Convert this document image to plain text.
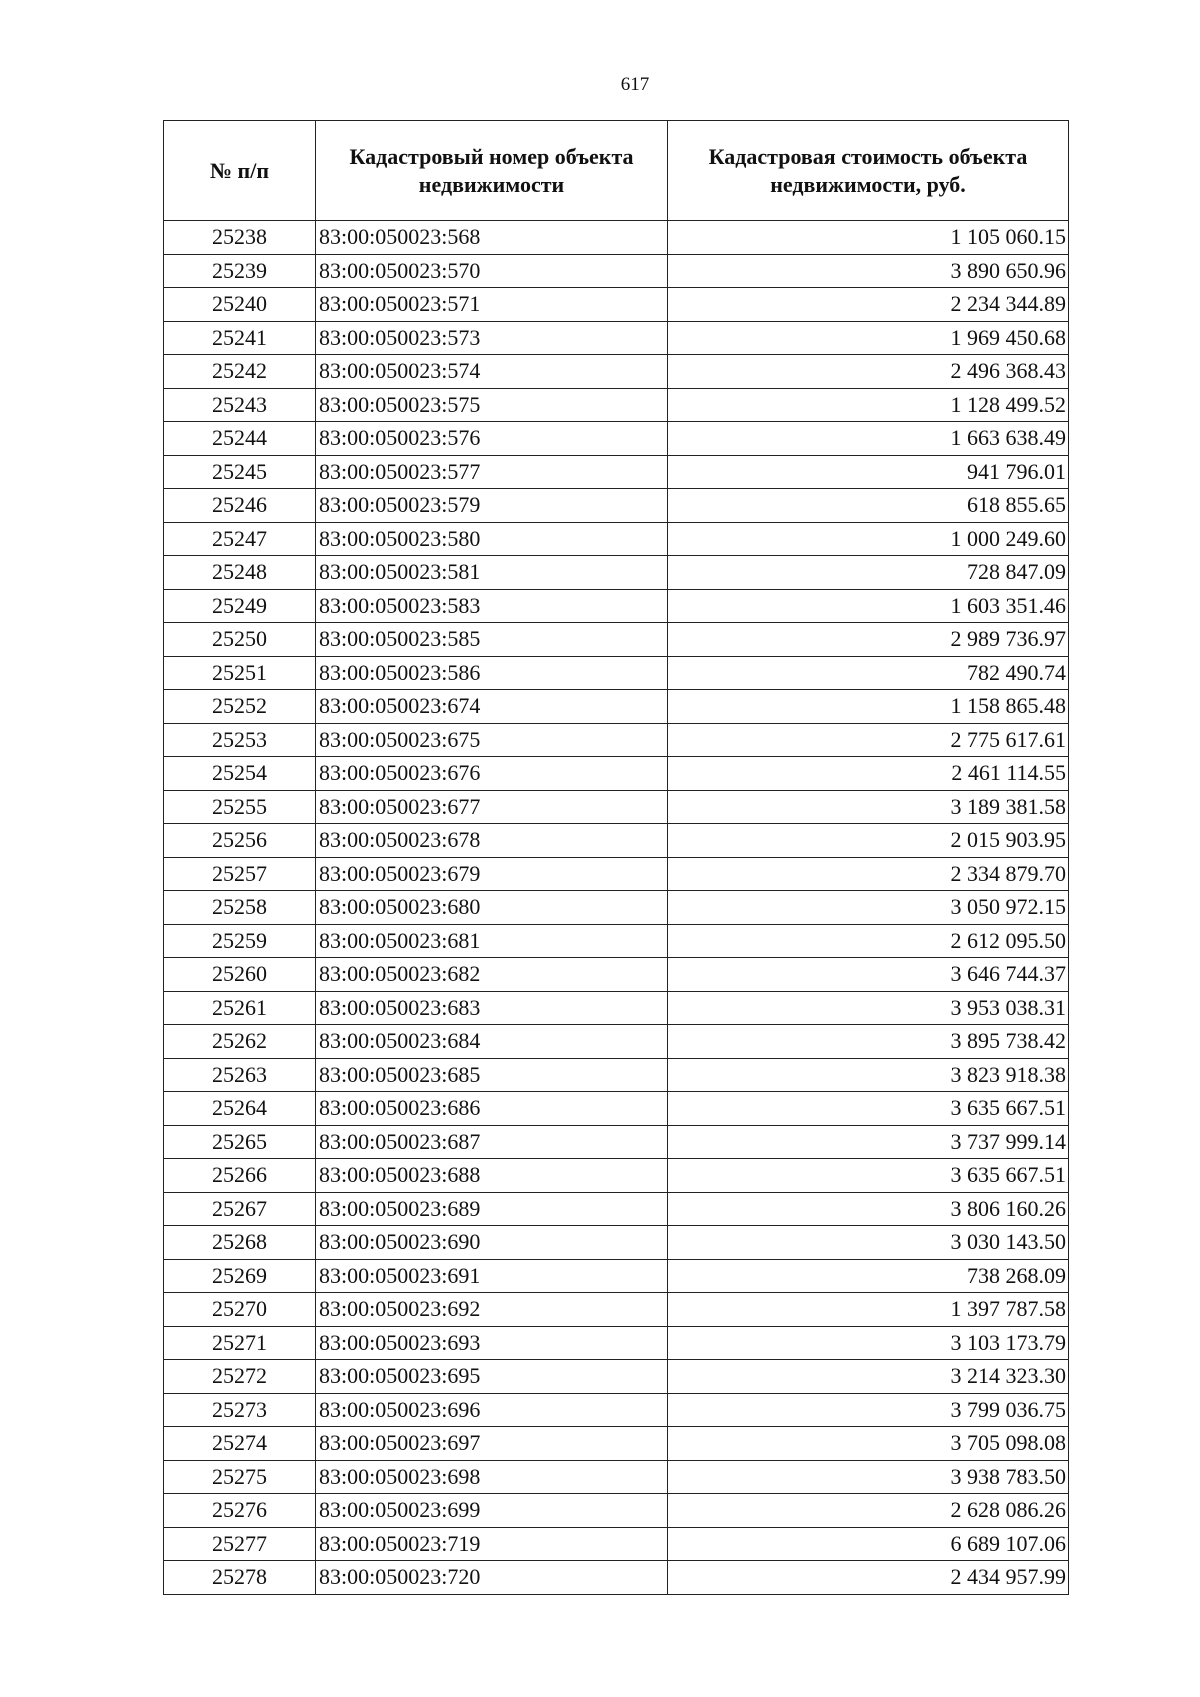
617
№ п/п	Кадастровый номер объекта недвижимости	Кадастровая стоимость объекта недвижимости, руб.
25238	83:00:050023:568	1 105 060.15
25239	83:00:050023:570	3 890 650.96
25240	83:00:050023:571	2 234 344.89
25241	83:00:050023:573	1 969 450.68
25242	83:00:050023:574	2 496 368.43
25243	83:00:050023:575	1 128 499.52
25244	83:00:050023:576	1 663 638.49
25245	83:00:050023:577	941 796.01
25246	83:00:050023:579	618 855.65
25247	83:00:050023:580	1 000 249.60
25248	83:00:050023:581	728 847.09
25249	83:00:050023:583	1 603 351.46
25250	83:00:050023:585	2 989 736.97
25251	83:00:050023:586	782 490.74
25252	83:00:050023:674	1 158 865.48
25253	83:00:050023:675	2 775 617.61
25254	83:00:050023:676	2 461 114.55
25255	83:00:050023:677	3 189 381.58
25256	83:00:050023:678	2 015 903.95
25257	83:00:050023:679	2 334 879.70
25258	83:00:050023:680	3 050 972.15
25259	83:00:050023:681	2 612 095.50
25260	83:00:050023:682	3 646 744.37
25261	83:00:050023:683	3 953 038.31
25262	83:00:050023:684	3 895 738.42
25263	83:00:050023:685	3 823 918.38
25264	83:00:050023:686	3 635 667.51
25265	83:00:050023:687	3 737 999.14
25266	83:00:050023:688	3 635 667.51
25267	83:00:050023:689	3 806 160.26
25268	83:00:050023:690	3 030 143.50
25269	83:00:050023:691	738 268.09
25270	83:00:050023:692	1 397 787.58
25271	83:00:050023:693	3 103 173.79
25272	83:00:050023:695	3 214 323.30
25273	83:00:050023:696	3 799 036.75
25274	83:00:050023:697	3 705 098.08
25275	83:00:050023:698	3 938 783.50
25276	83:00:050023:699	2 628 086.26
25277	83:00:050023:719	6 689 107.06
25278	83:00:050023:720	2 434 957.99
